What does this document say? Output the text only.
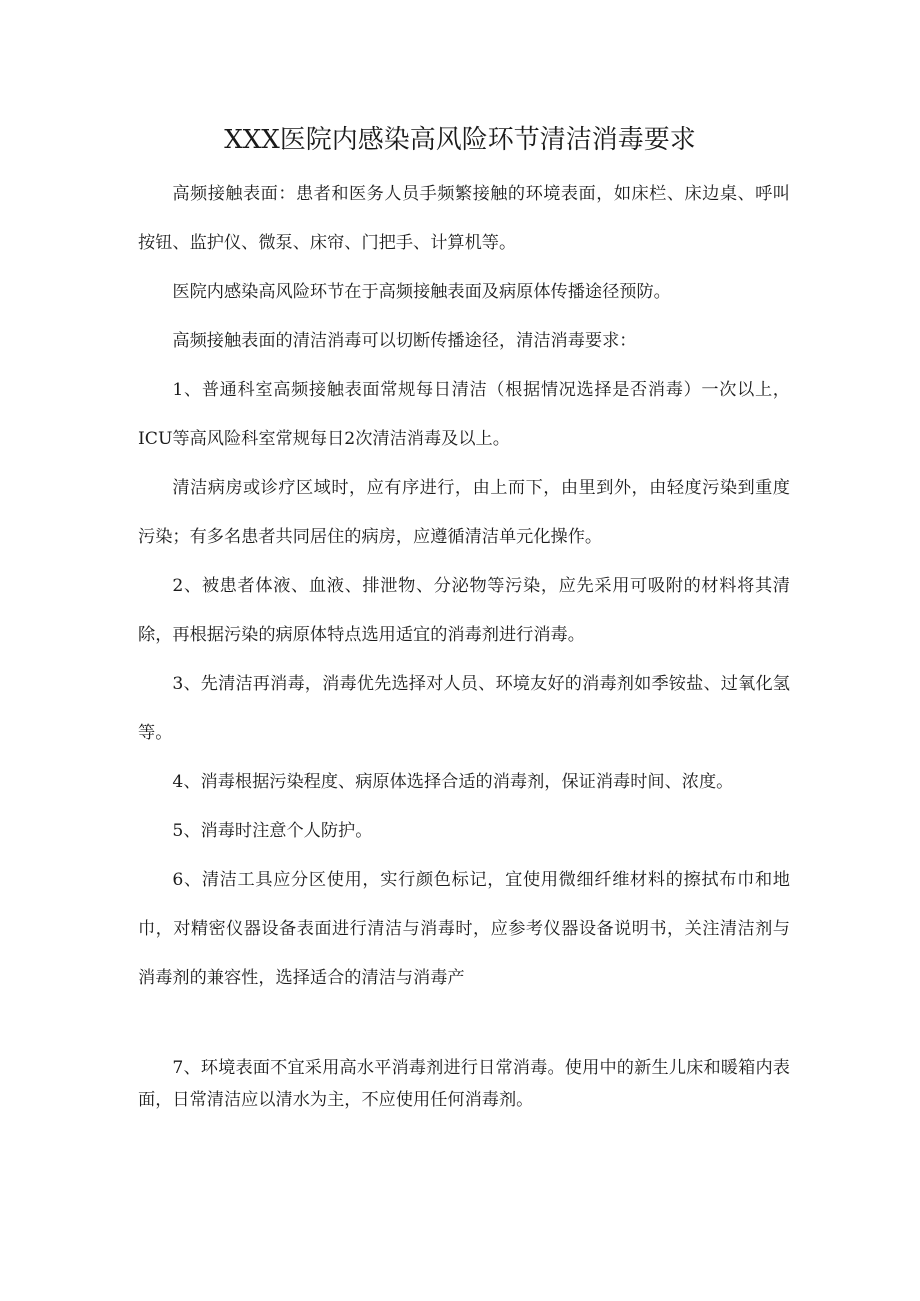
XXX医院内感染高风险环节清洁消毒要求

高频接触表面：患者和医务人员手频繁接触的环境表面，如床栏、床边桌、呼叫按钮、监护仪、微泵、床帘、门把手、计算机等。

医院内感染高风险环节在于高频接触表面及病原体传播途径预防。

高频接触表面的清洁消毒可以切断传播途径，清洁消毒要求：

1、普通科室高频接触表面常规每日清洁（根据情况选择是否消毒）一次以上，ICU等高风险科室常规每日2次清洁消毒及以上。

清洁病房或诊疗区域时，应有序进行，由上而下，由里到外，由轻度污染到重度污染；有多名患者共同居住的病房，应遵循清洁单元化操作。

2、被患者体液、血液、排泄物、分泌物等污染，应先采用可吸附的材料将其清除，再根据污染的病原体特点选用适宜的消毒剂进行消毒。

3、先清洁再消毒，消毒优先选择对人员、环境友好的消毒剂如季铵盐、过氧化氢等。

4、消毒根据污染程度、病原体选择合适的消毒剂，保证消毒时间、浓度。

5、消毒时注意个人防护。

6、清洁工具应分区使用，实行颜色标记，宜使用微细纤维材料的擦拭布巾和地巾，对精密仪器设备表面进行清洁与消毒时，应参考仪器设备说明书，关注清洁剂与消毒剂的兼容性，选择适合的清洁与消毒产

7、环境表面不宜采用高水平消毒剂进行日常消毒。使用中的新生儿床和暖箱内表面，日常清洁应以清水为主，不应使用任何消毒剂。
